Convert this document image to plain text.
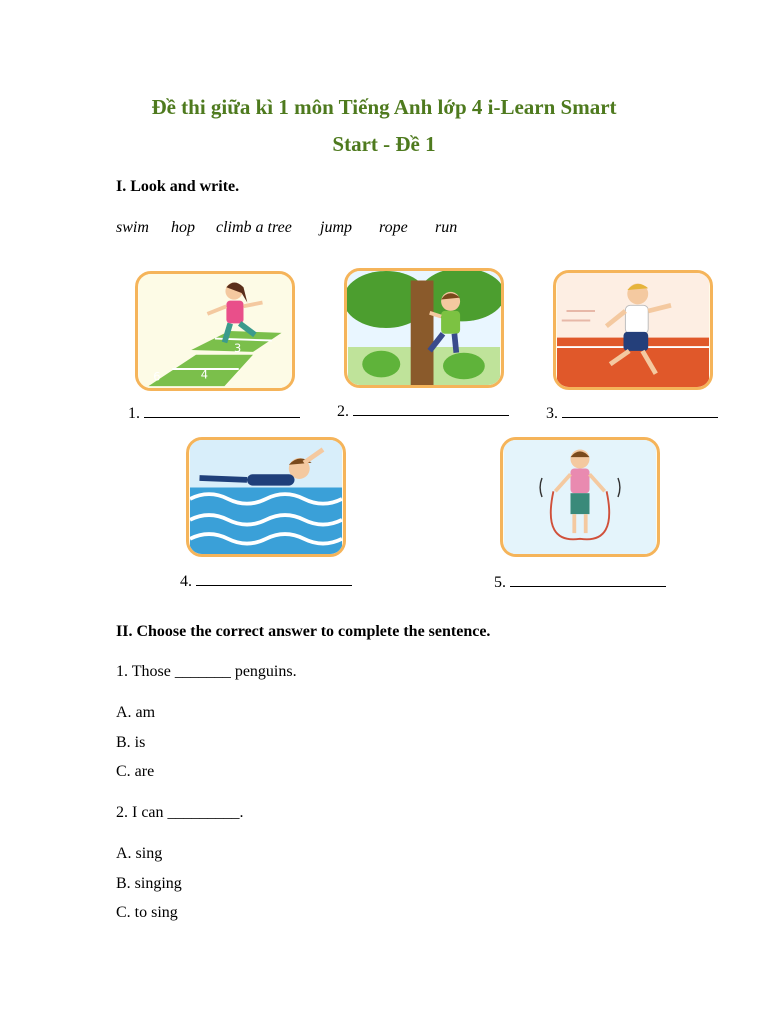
Đề thi giữa kì 1 môn Tiếng Anh lớp 4 i-Learn Smart
Start - Đề 1

I. Look and write.

swim hop climb a tree jump rope run
6	4
3
1.	2.	3.
4.	5.

II. Choose the correct answer to complete the sentence.

1. Those _______ penguins.
A. am
B. is
C. are
2. I can _________.
A. sing
B. singing
C. to sing
